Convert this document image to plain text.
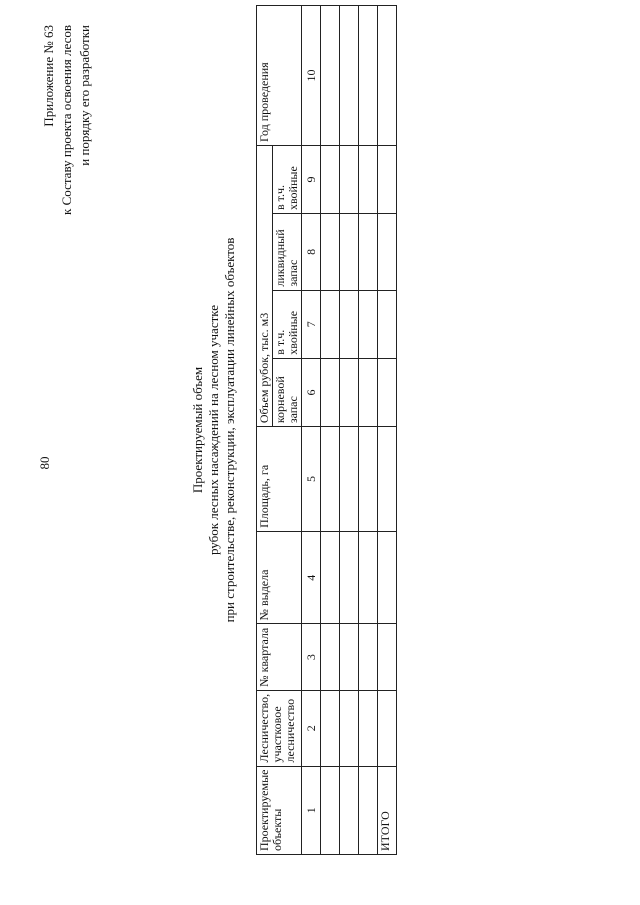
80
Приложение № 63 к Составу проекта освоения лесов и порядку его разработки
Проектируемый объем рубок лесных насаждений на лесном участке при строительстве, реконструкции, эксплуатации линейных объектов
Проектируемые объекты	Лесничество, участковое лесничество	№ квартала	№ выдела	Площадь, га	Объем рубок, тыс. м3				Год проведения
					корневой запас	в т.ч. хвойные	ликвидный запас	в т.ч. хвойные	
1	2	3	4	5	6	7	8	9	10

ИТОГО									
